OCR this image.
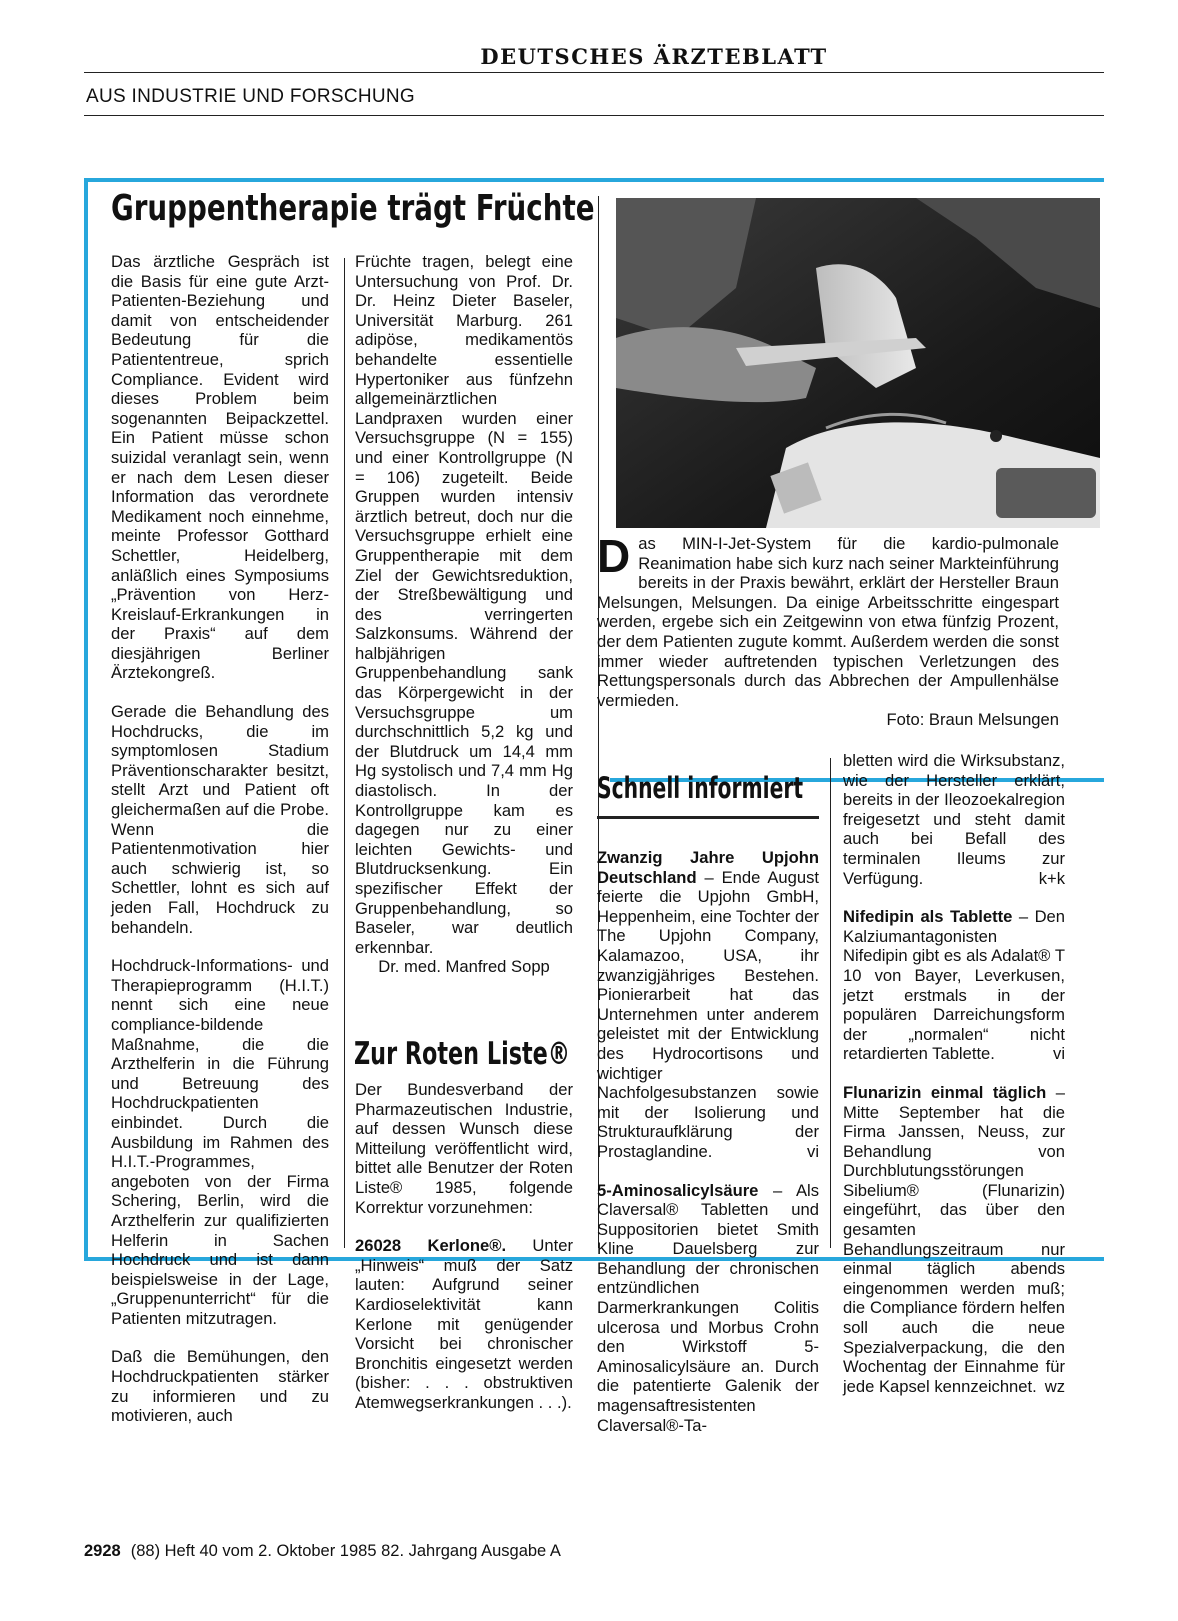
DEUTSCHES ÄRZTEBLATT
AUS INDUSTRIE UND FORSCHUNG
Gruppentherapie trägt Früchte

Das ärztliche Gespräch ist die Basis für eine gute Arzt-Patienten-Beziehung und damit von entscheidender Bedeutung für die Patiententreue, sprich Compliance. Evident wird dieses Problem beim sogenannten Beipackzettel. Ein Patient müsse schon suizidal veranlagt sein, wenn er nach dem Lesen dieser Information das verordnete Medikament noch einnehme, meinte Professor Gotthard Schettler, Heidelberg, anläßlich eines Symposiums „Prävention von Herz-Kreislauf-Erkrankungen in der Praxis“ auf dem diesjährigen Berliner Ärztekongreß.

Gerade die Behandlung des Hochdrucks, die im symptomlosen Stadium Präventionscharakter besitzt, stellt Arzt und Patient oft gleichermaßen auf die Probe. Wenn die Patientenmotivation hier auch schwierig ist, so Schettler, lohnt es sich auf jeden Fall, Hochdruck zu behandeln.

Hochdruck-Informations- und Therapieprogramm (H.I.T.) nennt sich eine neue compliance-bildende Maßnahme, die die Arzthelferin in die Führung und Betreuung des Hochdruckpatienten einbindet. Durch die Ausbildung im Rahmen des H.I.T.-Programmes, angeboten von der Firma Schering, Berlin, wird die Arzthelferin zur qualifizierten Helferin in Sachen Hochdruck und ist dann beispielsweise in der Lage, „Gruppenunterricht“ für die Patienten mitzutragen.

Daß die Bemühungen, den Hochdruckpatienten stärker zu informieren und zu motivieren, auch

Früchte tragen, belegt eine Untersuchung von Prof. Dr. Dr. Heinz Dieter Baseler, Universität Marburg. 261 adipöse, medikamentös behandelte essentielle Hypertoniker aus fünfzehn allgemeinärztlichen Landpraxen wurden einer Versuchsgruppe (N = 155) und einer Kontrollgruppe (N = 106) zugeteilt. Beide Gruppen wurden intensiv ärztlich betreut, doch nur die Versuchsgruppe erhielt eine Gruppentherapie mit dem Ziel der Gewichtsreduktion, der Streßbewältigung und des verringerten Salzkonsums. Während der halbjährigen Gruppenbehandlung sank das Körpergewicht in der Versuchsgruppe um durchschnittlich 5,2 kg und der Blutdruck um 14,4 mm Hg systolisch und 7,4 mm Hg diastolisch. In der Kontrollgruppe kam es dagegen nur zu einer leichten Gewichts- und Blutdrucksenkung. Ein spezifischer Effekt der Gruppenbehandlung, so Baseler, war deutlich erkennbar.

Dr. med. Manfred Sopp
Zur Roten Liste®

Der Bundesverband der Pharmazeutischen Industrie, auf dessen Wunsch diese Mitteilung veröffentlicht wird, bittet alle Benutzer der Roten Liste® 1985, folgende Korrektur vorzunehmen:

26028 Kerlone®. Unter „Hinweis“ muß der Satz lauten: Aufgrund seiner Kardioselektivität kann Kerlone mit genügender Vorsicht bei chronischer Bronchitis eingesetzt werden (bisher: . . . obstruktiven Atemwegserkrankungen . . .).

D as MIN-I-Jet-System für die kardio-pulmonale Reanimation habe sich kurz nach seiner Markteinführung bereits in der Praxis bewährt, erklärt der Hersteller Braun Melsungen, Melsungen. Da einige Arbeitsschritte eingespart werden, ergebe sich ein Zeitgewinn von etwa fünfzig Prozent, der dem Patienten zugute kommt. Außerdem werden die sonst immer wieder auftretenden typischen Verletzungen des Rettungspersonals durch das Abbrechen der Ampullenhälse vermieden.
Foto: Braun Melsungen
Schnell informiert

Zwanzig Jahre Upjohn Deutschland – Ende August feierte die Upjohn GmbH, Heppenheim, eine Tochter der The Upjohn Company, Kalamazoo, USA, ihr zwanzigjähriges Bestehen. Pionierarbeit hat das Unternehmen unter anderem geleistet mit der Entwicklung des Hydrocortisons und wichtiger Nachfolgesubstanzen sowie mit der Isolierung und Strukturaufklärung der Prostaglandine.	vi

5-Aminosalicylsäure – Als Claversal® Tabletten und Suppositorien bietet Smith Kline Dauelsberg zur Behandlung der chronischen entzündlichen Darmerkrankungen Colitis ulcerosa und Morbus Crohn den Wirkstoff 5-Aminosalicylsäure an. Durch die patentierte Galenik der magensaftresistenten Claversal®-Ta-

bletten wird die Wirksubstanz, wie der Hersteller erklärt, bereits in der Ileozoekalregion freigesetzt und steht damit auch bei Befall des terminalen Ileums zur Verfügung.	k+k

Nifedipin als Tablette – Den Kalziumantagonisten Nifedipin gibt es als Adalat® T 10 von Bayer, Leverkusen, jetzt erstmals in der populären Darreichungsform der „normalen“ nicht retardierten Tablette.	vi

Flunarizin einmal täglich – Mitte September hat die Firma Janssen, Neuss, zur Behandlung von Durchblutungsstörungen Sibelium® (Flunarizin) eingeführt, das über den gesamten Behandlungszeitraum nur einmal täglich abends eingenommen werden muß; die Compliance fördern helfen soll auch die neue Spezialverpackung, die den Wochentag der Einnahme für jede Kapsel kennzeichnet. wz

2928 (88) Heft 40 vom 2. Oktober 1985 82. Jahrgang Ausgabe A
